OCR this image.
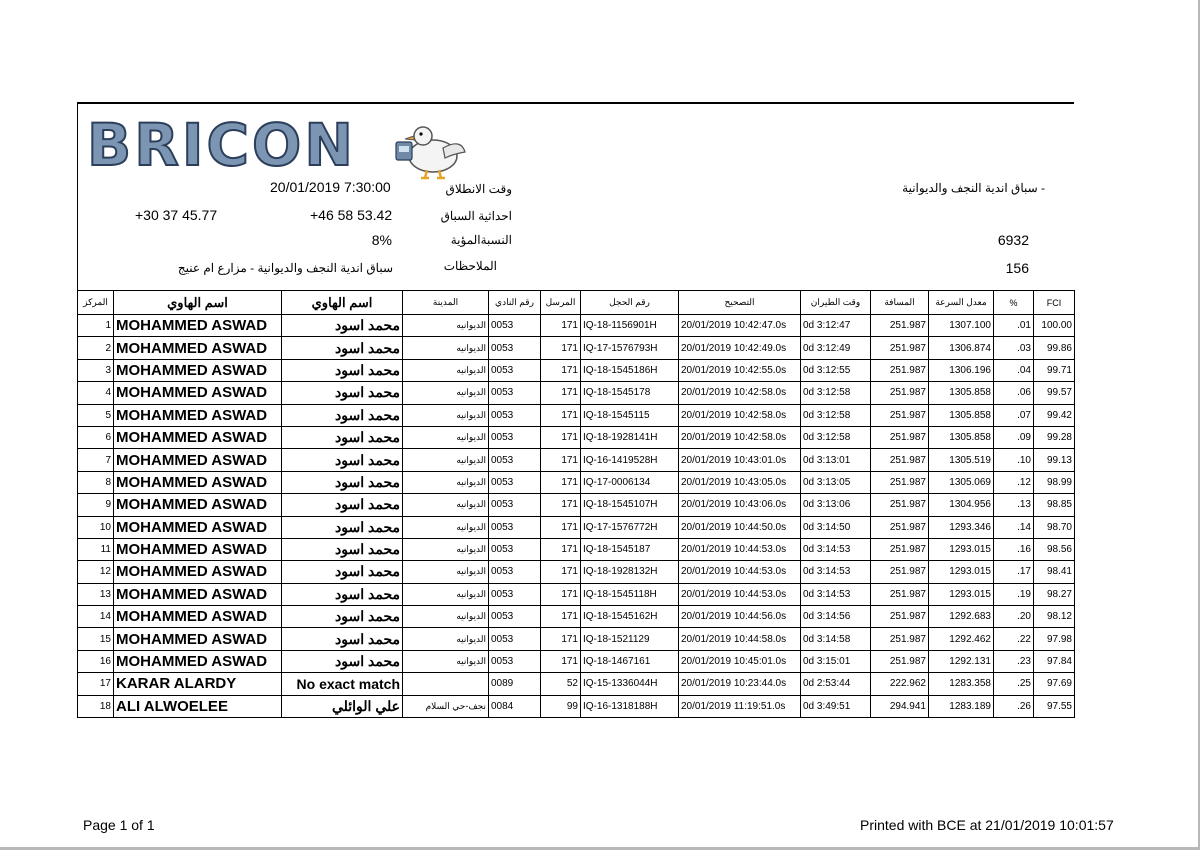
BRICON
20/01/2019 7:30:00	وقت الانطلاق
+30 37 45.77	+46 58 53.42	احداثية السباق
8%	النسبةالمؤية
سباق اندية النجف والديوانية - مزارع ام عنيج	الملاحظات
- سباق اندية النجف والديوانية
6932
156
المركز	اسم الهاوي	اسم الهاوي	المدينة	رقم النادي	المرسل	رقم الحجل	التصحيح	وقت الطيران	المسافة	معدل السرعة	%	FCI
1	MOHAMMED ASWAD	محمد اسود	الديوانيه	0053	171	IQ-18-1156901H	20/01/2019 10:42:47.0s	0d 3:12:47	251.987	1307.100	.01	100.00
2	MOHAMMED ASWAD	محمد اسود	الديوانيه	0053	171	IQ-17-1576793H	20/01/2019 10:42:49.0s	0d 3:12:49	251.987	1306.874	.03	99.86
3	MOHAMMED ASWAD	محمد اسود	الديوانيه	0053	171	IQ-18-1545186H	20/01/2019 10:42:55.0s	0d 3:12:55	251.987	1306.196	.04	99.71
4	MOHAMMED ASWAD	محمد اسود	الديوانيه	0053	171	IQ-18-1545178	20/01/2019 10:42:58.0s	0d 3:12:58	251.987	1305.858	.06	99.57
5	MOHAMMED ASWAD	محمد اسود	الديوانيه	0053	171	IQ-18-1545115	20/01/2019 10:42:58.0s	0d 3:12:58	251.987	1305.858	.07	99.42
6	MOHAMMED ASWAD	محمد اسود	الديوانيه	0053	171	IQ-18-1928141H	20/01/2019 10:42:58.0s	0d 3:12:58	251.987	1305.858	.09	99.28
7	MOHAMMED ASWAD	محمد اسود	الديوانيه	0053	171	IQ-16-1419528H	20/01/2019 10:43:01.0s	0d 3:13:01	251.987	1305.519	.10	99.13
8	MOHAMMED ASWAD	محمد اسود	الديوانيه	0053	171	IQ-17-0006134	20/01/2019 10:43:05.0s	0d 3:13:05	251.987	1305.069	.12	98.99
9	MOHAMMED ASWAD	محمد اسود	الديوانيه	0053	171	IQ-18-1545107H	20/01/2019 10:43:06.0s	0d 3:13:06	251.987	1304.956	.13	98.85
10	MOHAMMED ASWAD	محمد اسود	الديوانيه	0053	171	IQ-17-1576772H	20/01/2019 10:44:50.0s	0d 3:14:50	251.987	1293.346	.14	98.70
11	MOHAMMED ASWAD	محمد اسود	الديوانيه	0053	171	IQ-18-1545187	20/01/2019 10:44:53.0s	0d 3:14:53	251.987	1293.015	.16	98.56
12	MOHAMMED ASWAD	محمد اسود	الديوانيه	0053	171	IQ-18-1928132H	20/01/2019 10:44:53.0s	0d 3:14:53	251.987	1293.015	.17	98.41
13	MOHAMMED ASWAD	محمد اسود	الديوانيه	0053	171	IQ-18-1545118H	20/01/2019 10:44:53.0s	0d 3:14:53	251.987	1293.015	.19	98.27
14	MOHAMMED ASWAD	محمد اسود	الديوانيه	0053	171	IQ-18-1545162H	20/01/2019 10:44:56.0s	0d 3:14:56	251.987	1292.683	.20	98.12
15	MOHAMMED ASWAD	محمد اسود	الديوانيه	0053	171	IQ-18-1521129	20/01/2019 10:44:58.0s	0d 3:14:58	251.987	1292.462	.22	97.98
16	MOHAMMED ASWAD	محمد اسود	الديوانيه	0053	171	IQ-18-1467161	20/01/2019 10:45:01.0s	0d 3:15:01	251.987	1292.131	.23	97.84
17	KARAR ALARDY	No exact match		0089	52	IQ-15-1336044H	20/01/2019 10:23:44.0s	0d 2:53:44	222.962	1283.358	.25	97.69
18	ALI ALWOELEE	علي الوائلي	نجف-حي السلام	0084	99	IQ-16-1318188H	20/01/2019 11:19:51.0s	0d 3:49:51	294.941	1283.189	.26	97.55
Page 1 of 1	Printed with BCE at 21/01/2019 10:01:57
